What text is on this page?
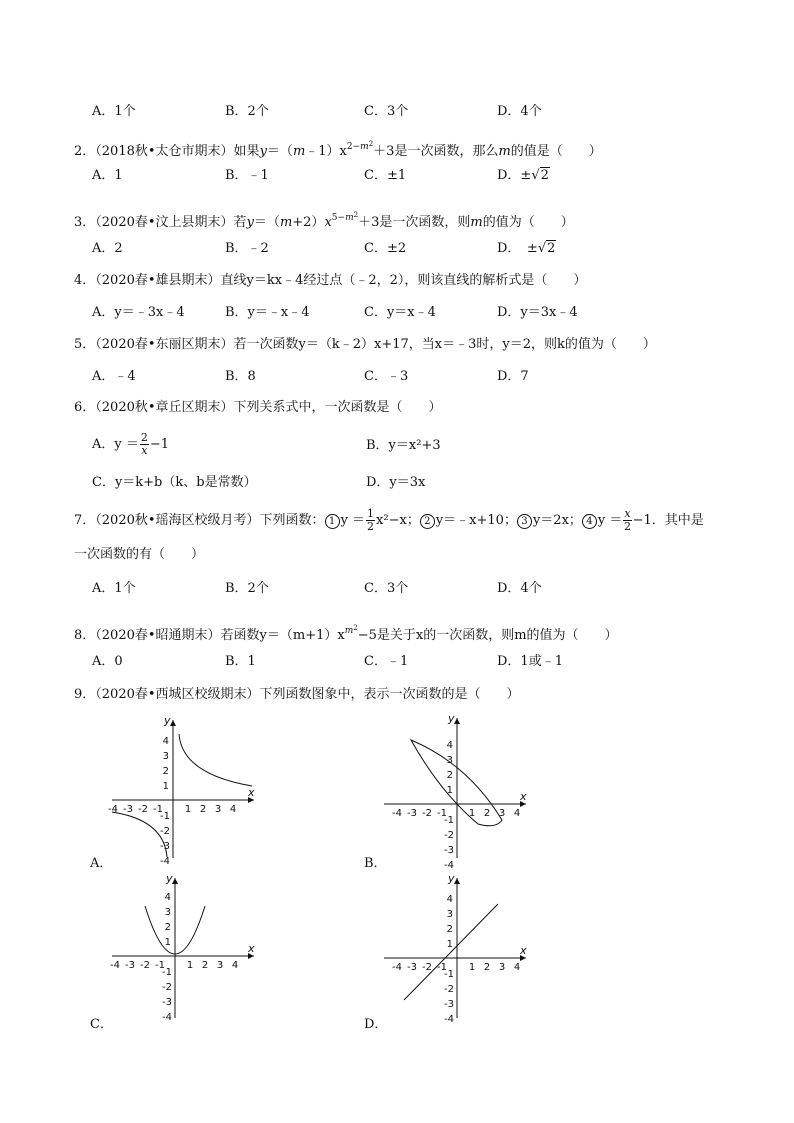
A．1个	B．2个	C．3个	D．4个
2．（2018秋•太仓市期末）如果$y=(m﹣1)x^{2-m^2}+3$是一次函数，那么m的值是（　　）
A．1	B．﹣1	C．±1	D．±√2
3．（2020春•汶上县期末）若$y=(m+2)x^{5-m^2}+3$是一次函数，则m的值为（　　）
A．2	B．﹣2	C．±2	D．　±√2
4．（2020春•雄县期末）直线y＝kx﹣4经过点（﹣2，2），则该直线的解析式是（　　）
A．y＝﹣3x﹣4	B．y＝﹣x﹣4	C．y＝x﹣4	D．y＝3x﹣4
5．（2020春•东丽区期末）若一次函数y＝（k﹣2）x+17，当x＝﹣3时，y＝2，则k的值为（　　）
A．﹣4	B．8	C．﹣3	D．7
6．（2020秋•章丘区期末）下列关系式中，一次函数是（　　）
A．$y = \frac{2}{x} -1$	B．y＝x²+3
C．y＝k+b（k、b是常数）	D．y＝3x
7．（2020秋•瑶海区校级月考）下列函数： 1 $y = \frac{1}{2} x^2-x$； 2 y＝﹣x+10； 3 y＝2x； 4 $y = \frac{x}{2} -1$．其中是
一次函数的有（　　）
A．1个	B．2个	C．3个	D．4个
8．（2020春•昭通期末）若函数$y=(m+1)x^{m^2}-5$是关于x的一次函数，则m的值为（　　）
A．0	B．1	C．﹣1	D．1或﹣1
9．（2020春•西城区校级期末）下列函数图象中，表示一次函数的是（　　）
x
y
1
1
2
2
3
3
4
4
-1
-1
-2
-2
-3
-3
-4
-4
A．
x
y
1
1
2
2
3
3
4
4
-1
-1
-2
-2
-3
-3
-4
-4
B．
x
y
1
1
2
2
3
3
4
4
-1
-1
-2
-2
-3
-3
-4
-4
C．
x
y
1
1
2
2
3
3
4
4
-1
-1
-2
-2
-3
-3
-4
-4
D．
